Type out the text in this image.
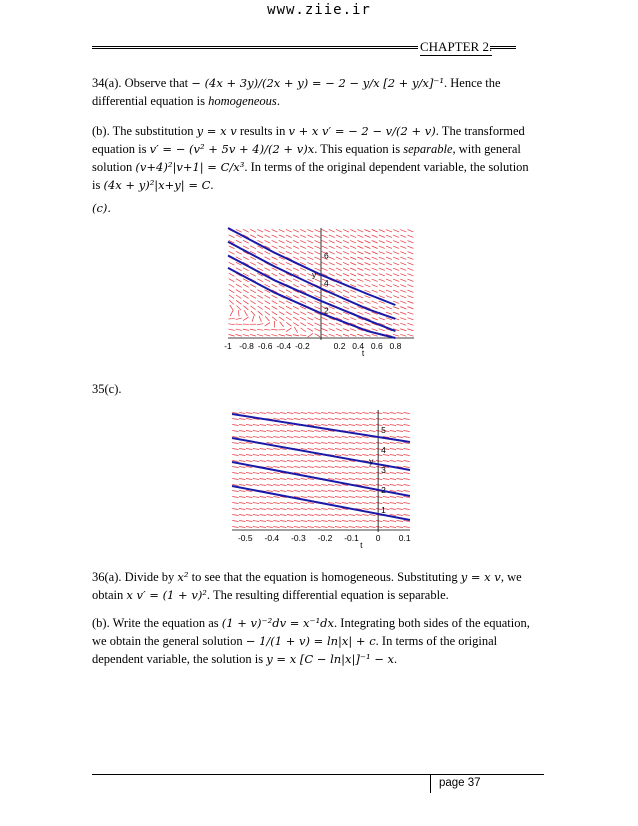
www.ziie.ir
CHAPTER 2.
34(a). Observe that − (4x + 3y)/(2x + y) = − 2 − y/x [2 + y/x]⁻¹. Hence the
differential equation is homogeneous.
(b). The substitution y = x v results in v + x v′ = − 2 − v/(2 + v). The transformed
equation is v′ = − (v² + 5v + 4)/(2 + v)x. This equation is separable, with general
solution (v+4)²|v+1| = C/x³. In terms of the original dependent variable, the solution
is (4x + y)²|x+y| = C.
(c).
-1 -0.8 -0.6 -0.4 -0.2	0.2 0.4 0.6 0.8
2
4
6
t
y
35(c).
-0.5 -0.4 -0.3 -0.2 -0.1 0 0.1
1
2
3
4
5
t
y
36(a). Divide by x² to see that the equation is homogeneous. Substituting y = x v, we
obtain x v′ = (1 + v)². The resulting differential equation is separable.
(b). Write the equation as (1 + v)⁻²dv = x⁻¹dx. Integrating both sides of the equation,
we obtain the general solution − 1/(1 + v) = ln|x| + c. In terms of the original
dependent variable, the solution is y = x [C − ln|x|]⁻¹ − x.
page 37
